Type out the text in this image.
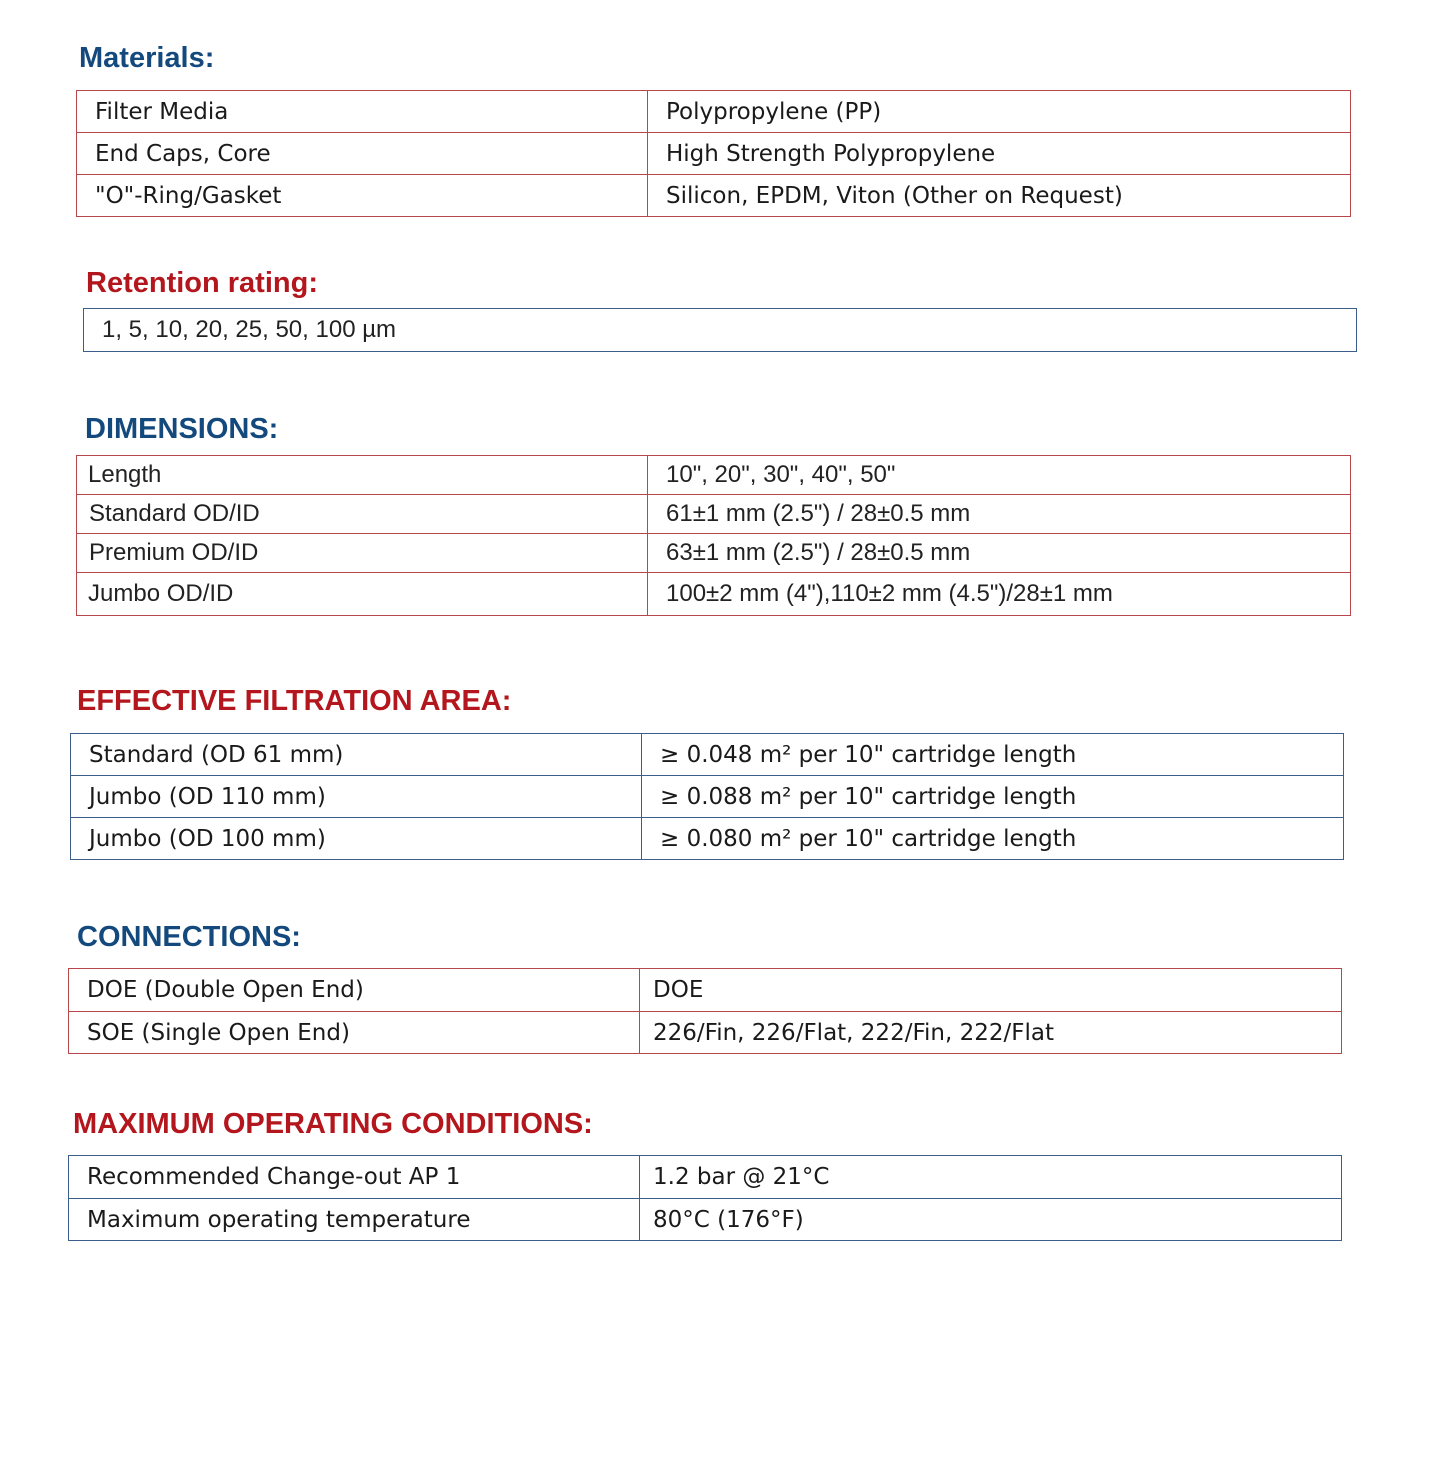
Materials:
Filter Media	Polypropylene (PP)
End Caps, Core	High Strength Polypropylene
"O"-Ring/Gasket	Silicon, EPDM, Viton (Other on Request)
Retention rating:
1, 5, 10, 20, 25, 50, 100 µm
DIMENSIONS:
Length	10", 20", 30", 40", 50"
Standard OD/ID	61±1 mm (2.5") / 28±0.5 mm
Premium OD/ID	63±1 mm (2.5") / 28±0.5 mm
Jumbo OD/ID	100±2 mm (4"),110±2 mm (4.5")/28±1 mm
EFFECTIVE FILTRATION AREA:
Standard (OD 61 mm)	≥ 0.048 m² per 10" cartridge length
Jumbo (OD 110 mm)	≥ 0.088 m² per 10" cartridge length
Jumbo (OD 100 mm)	≥ 0.080 m² per 10" cartridge length
CONNECTIONS:
DOE (Double Open End)	DOE
SOE (Single Open End)	226/Fin, 226/Flat, 222/Fin, 222/Flat
MAXIMUM OPERATING CONDITIONS:
Recommended Change-out AP 1	1.2 bar @ 21°C
Maximum operating temperature	80°C (176°F)
